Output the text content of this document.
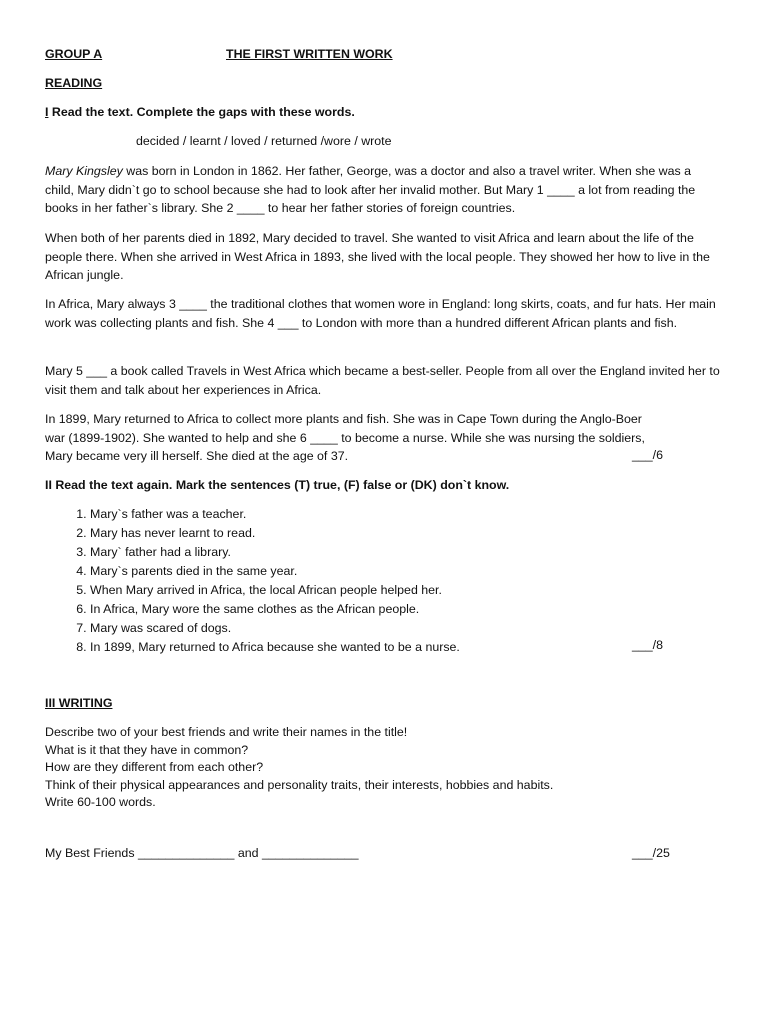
GROUP A	THE FIRST WRITTEN WORK
READING
I Read the text. Complete the gaps with these words.
decided / learnt / loved / returned /wore / wrote
Mary Kingsley was born in London in 1862. Her father, George, was a doctor and also a travel writer. When she was a child, Mary didn`t go to school because she had to look after her invalid mother. But Mary 1 ____ a lot from reading the books in her father`s library. She 2 ____ to hear her father stories of foreign countries.
When both of her parents died in 1892, Mary decided to travel. She wanted to visit Africa and learn about the life of the people there. When she arrived in West Africa in 1893, she lived with the local people. They showed her how to live in the African jungle.
In Africa, Mary always 3 ____ the traditional clothes that women wore in England: long skirts, coats, and fur hats. Her main work was collecting plants and fish. She 4 ___ to London with more than a hundred different African plants and fish.
Mary 5 ___ a book called Travels in West Africa which became a best-seller. People from all over the England invited her to visit them and talk about her experiences in Africa.
In 1899, Mary returned to Africa to collect more plants and fish. She was in Cape Town during the Anglo-Boer war (1899-1902). She wanted to help and she 6 ____ to become a nurse. While she was nursing the soldiers, Mary became very ill herself. She died at the age of 37.	___/6
II Read the text again. Mark the sentences (T) true, (F) false or (DK) don`t know.
1. Mary`s father was a teacher.
2. Mary has never learnt to read.
3. Mary` father had a library.
4. Mary`s parents died in the same year.
5. When Mary arrived in Africa, the local African people helped her.
6. In Africa, Mary wore the same clothes as the African people.
7. Mary was scared of dogs.
8. In 1899, Mary returned to Africa because she wanted to be a nurse.	___/8
III WRITING
Describe two of your best friends and write their names in the title!
What is it that they have in common?
How are they different from each other?
Think of their physical appearances and personality traits, their interests, hobbies and habits.
Write 60-100 words.
My Best Friends ______________ and ______________	___/25
